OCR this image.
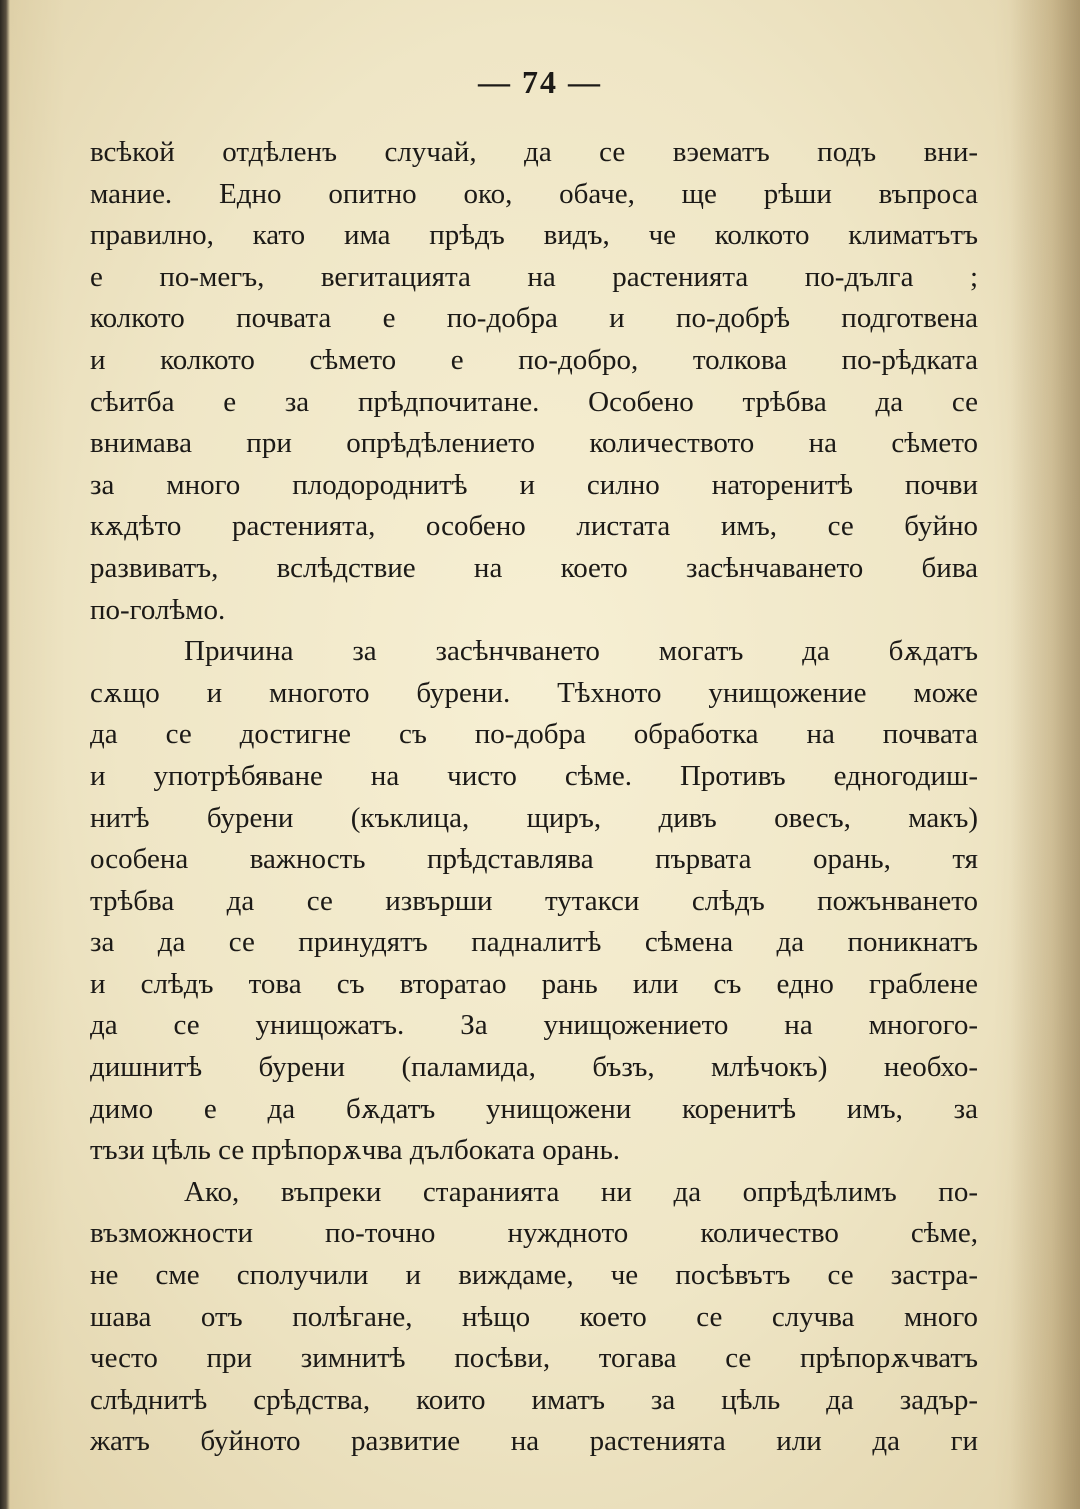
— 74 —
всѣкой отдѣленъ случай, да се вэематъ подъ вни-
мание. Едно опитно око, обаче, ще рѣши въпроса
правилно, като има прѣдъ видъ, че колкото климатътъ
е по-мегъ, вегитацията на растенията по-дълга ;
колкото почвата е по-добра и по-добрѣ подготвена
и колкото сѣмето е по-добро, толкова по-рѣдката
сѣитба е за прѣдпочитане. Особено трѣбва да се
внимава при опрѣдѣлението количеството на сѣмето
за много плодороднитѣ и силно наторенитѣ почви
кѫдѣто растенията, особено листата имъ, се буйно
развиватъ, вслѣдствие на което засѣнчаването бива
по-голѣмо.
Причина за засѣнчването могатъ да бѫдатъ
сѫщо и многото бурени. Тѣхното унищожение може
да се достигне съ по-добра обработка на почвата
и употрѣбяване на чисто сѣме. Противъ едногодиш-
нитѣ бурени (къклица, щиръ, дивъ овесъ, макъ)
особена важность прѣдставлява първата орань, тя
трѣбва да се извърши тутакси слѣдъ пожънването
за да се принудятъ падналитѣ сѣмена да поникнатъ
и слѣдъ това съ вторатао рань или съ едно грабленe
да се унищожатъ. За унищожението на многого-
дишнитѣ бурени (паламида, бъзъ, млѣчокъ) необхо-
димо е да бѫдатъ унищожени коренитѣ имъ, за
тъзи цѣль се прѣпорѫчва дълбоката орань.
Ако, въпреки стаpанията ни да опрѣдѣлимъ по-
възможности по-точно нуждното количество сѣме,
не сме сполучили и виждаме, че посѣвътъ се застра-
шава отъ полѣгане, нѣщо което се случва много
често при зимнитѣ посѣви, тогава се прѣпорѫчватъ
слѣднитѣ срѣдства, които иматъ за цѣль да задър-
жатъ буйното развитие на растенията или да ги
